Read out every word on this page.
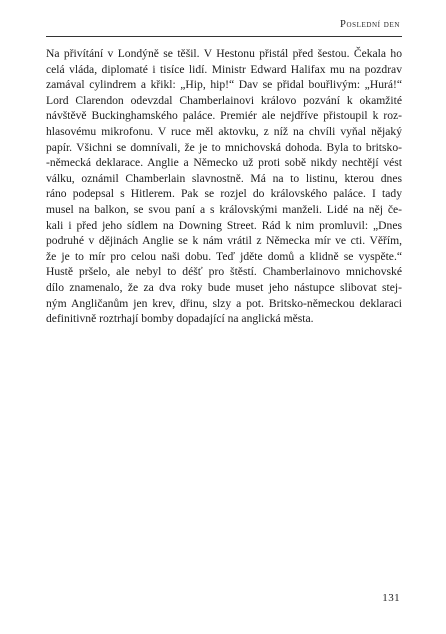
Poslední den
Na přivítání v Londýně se těšil. V Hestonu přistál před šestou. Čekala ho
celá vláda, diplomaté i tisíce lidí. Ministr Edward Halifax mu na pozdrav
zamával cylindrem a křikl: „Hip, hip!“ Dav se přidal bouřlivým: „Hurá!“
Lord Clarendon odevzdal Chamberlainovi královo pozvání k okamžité
návštěvě Buckinghamského paláce. Premiér ale nejdříve přistoupil k roz-
hlasovému mikrofonu. V ruce měl aktovku, z níž na chvíli vyňal nějaký
papír. Všichni se domnívali, že je to mnichovská dohoda. Byla to britsko-
-německá deklarace. Anglie a Německo už proti sobě nikdy nechtějí vést
válku, oznámil Chamberlain slavnostně. Má na to listinu, kterou dnes
ráno podepsal s Hitlerem. Pak se rozjel do královského paláce. I tady
musel na balkon, se svou paní a s královskými manželi. Lidé na něj če-
kali i před jeho sídlem na Downing Street. Rád k nim promluvil: „Dnes
podruhé v dějinách Anglie se k nám vrátil z Německa mír ve cti. Věřím,
že je to mír pro celou naši dobu. Teď jděte domů a klidně se vyspěte.“
Hustě pršelo, ale nebyl to déšť pro štěstí. Chamberlainovo mnichovské
dílo znamenalo, že za dva roky bude muset jeho nástupce slibovat stej-
ným Angličanům jen krev, dřinu, slzy a pot. Britsko-německou deklaraci
definitivně roztrhají bomby dopadající na anglická města.
131
